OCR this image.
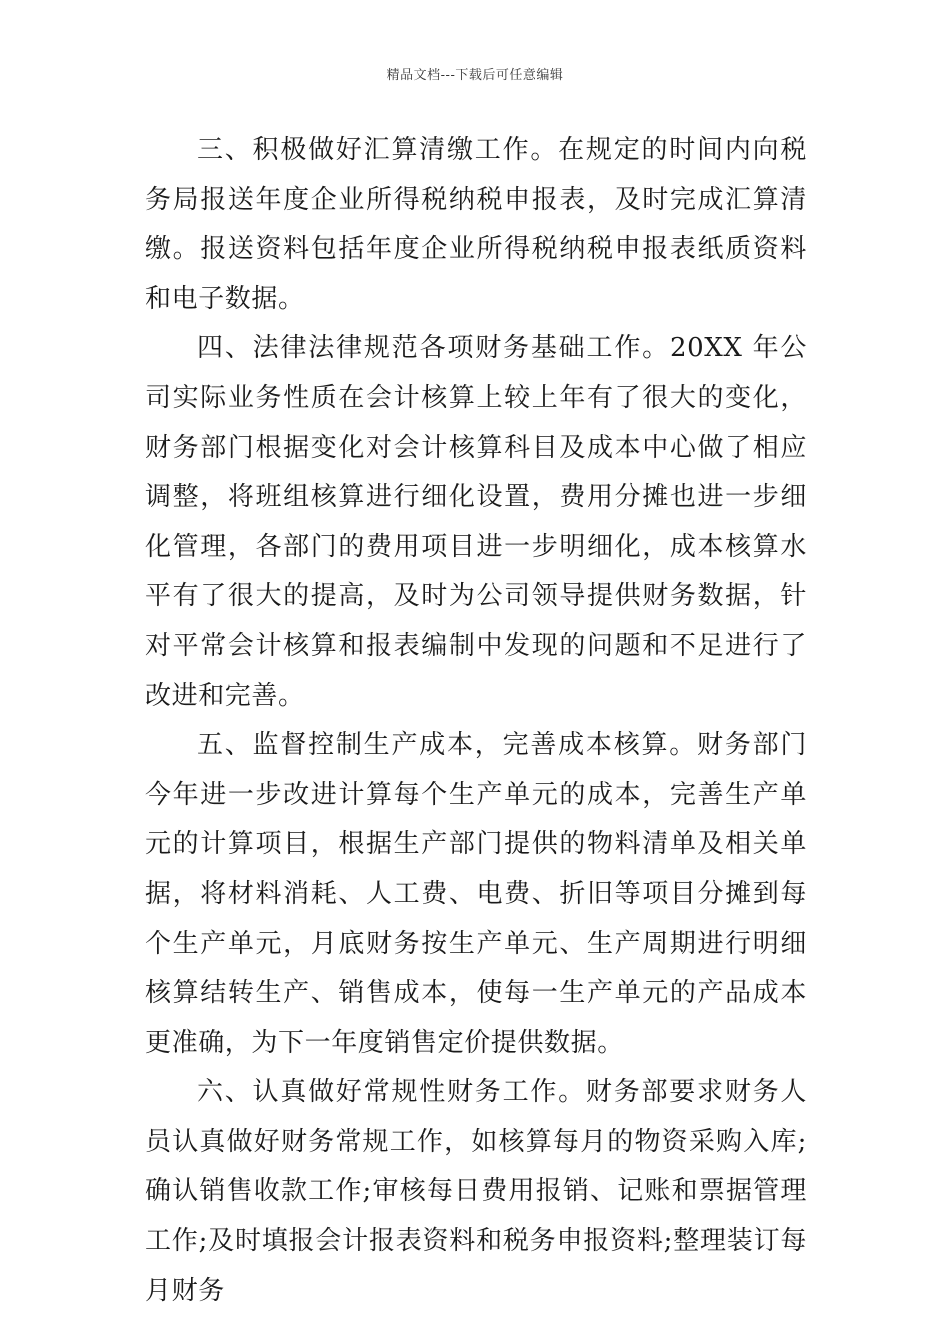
精品文档---下载后可任意编辑

三、积极做好汇算清缴工作。在规定的时间内向税务局报送年度企业所得税纳税申报表，及时完成汇算清缴。报送资料包括年度企业所得税纳税申报表纸质资料和电子数据。

四、法律法律规范各项财务基础工作。20XX 年公司实际业务性质在会计核算上较上年有了很大的变化，财务部门根据变化对会计核算科目及成本中心做了相应调整，将班组核算进行细化设置，费用分摊也进一步细化管理，各部门的费用项目进一步明细化，成本核算水平有了很大的提高，及时为公司领导提供财务数据，针对平常会计核算和报表编制中发现的问题和不足进行了改进和完善。

五、监督控制生产成本，完善成本核算。财务部门今年进一步改进计算每个生产单元的成本，完善生产单元的计算项目，根据生产部门提供的物料清单及相关单据，将材料消耗、人工费、电费、折旧等项目分摊到每个生产单元，月底财务按生产单元、生产周期进行明细核算结转生产、销售成本，使每一生产单元的产品成本更准确，为下一年度销售定价提供数据。

六、认真做好常规性财务工作。财务部要求财务人员认真做好财务常规工作，如核算每月的物资采购入库;确认销售收款工作;审核每日费用报销、记账和票据管理工作;及时填报会计报表资料和税务申报资料;整理装订每月财务
